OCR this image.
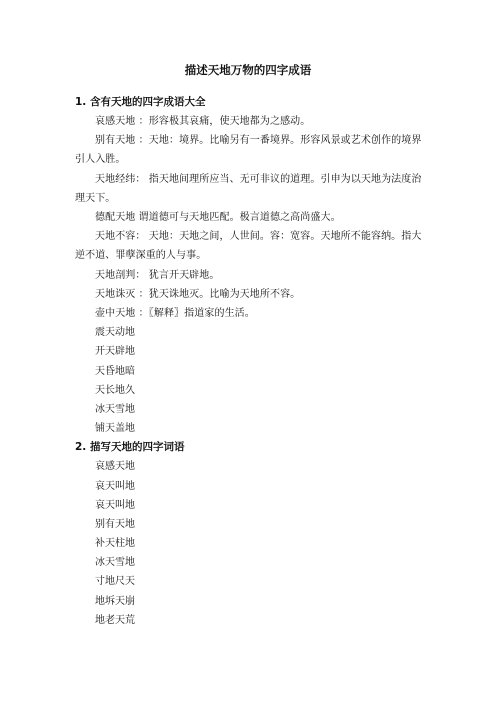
描述天地万物的四字成语
1. 含有天地的四字成语大全
哀感天地 ：形容极其哀痛，使天地都为之感动。
别有天地 ：天地：境界。比喻另有一番境界。形容风景或艺术创作的境界引人入胜。
天地经纬： 指天地间理所应当、无可非议的道理。引申为以天地为法度治理天下。
德配天地 谓道德可与天地匹配。极言道德之高尚盛大。
天地不容： 天地：天地之间，人世间。容：宽容。天地所不能容纳。指大逆不道、罪孽深重的人与事。
天地剖判： 犹言开天辟地。
天地诛灭 ：犹天诛地灭。比喻为天地所不容。
壶中天地 ：〖解释〗指道家的生活。
震天动地
开天辟地
天昏地暗
天长地久
冰天雪地
铺天盖地
2. 描写天地的四字词语
哀感天地
哀天叫地
哀天叫地
别有天地
补天柱地
冰天雪地
寸地尺天
地坼天崩
地老天荒
